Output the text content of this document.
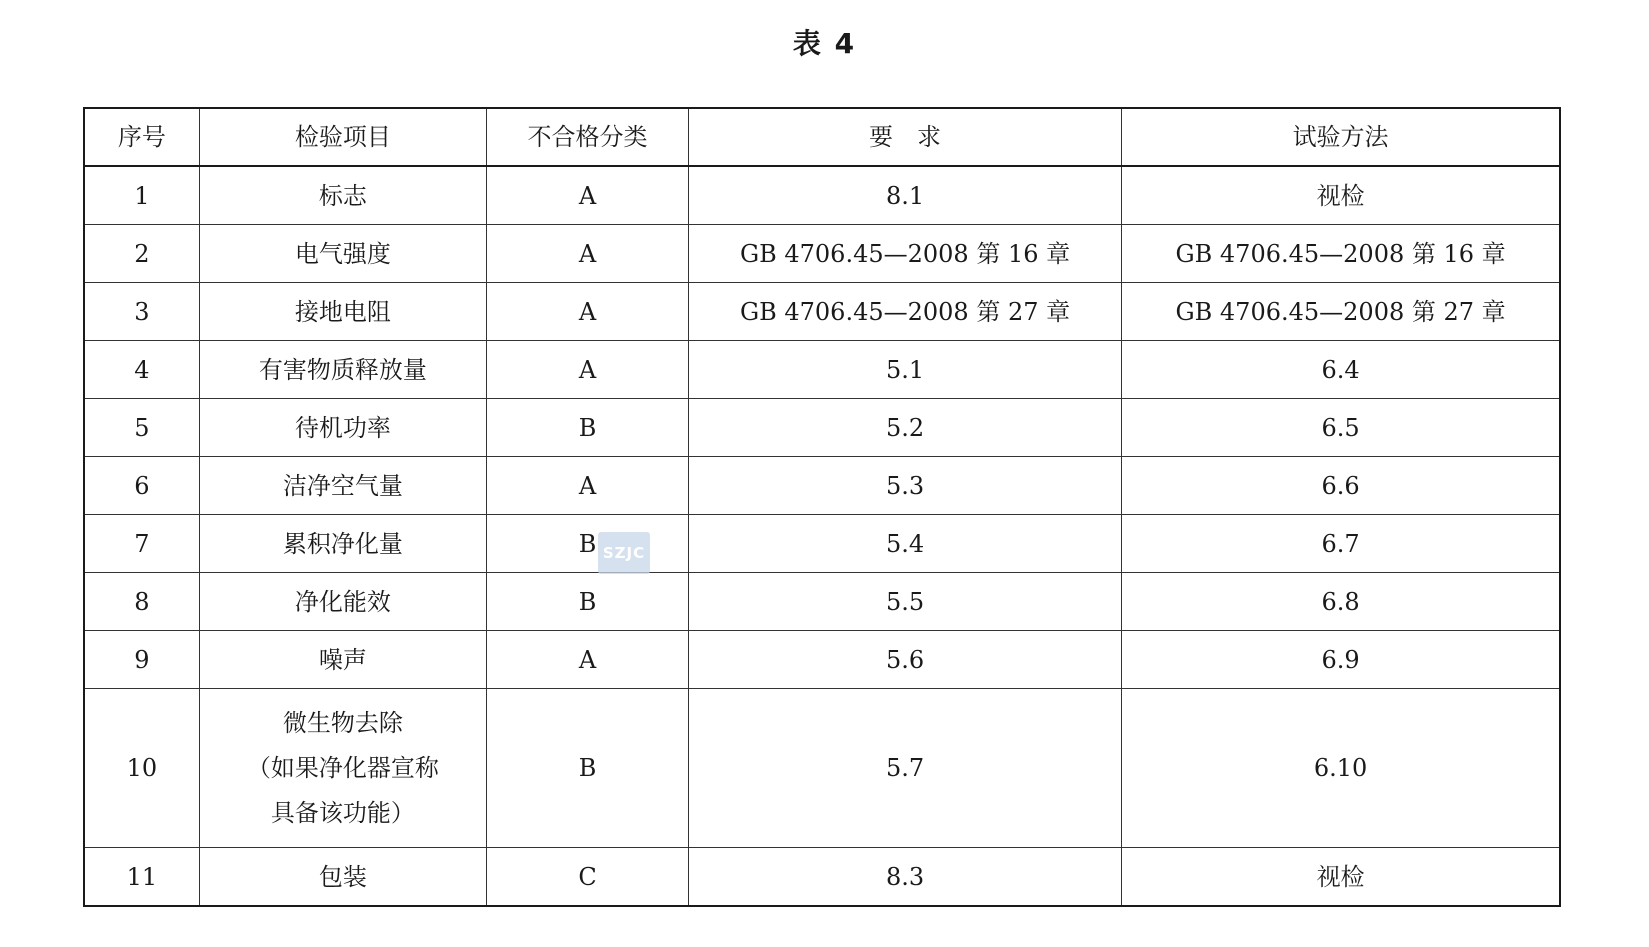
表 4
序号	检验项目	不合格分类	要　求	试验方法
1	标志	A	8.1	视检
2	电气强度	A	GB 4706.45—2008 第 16 章	GB 4706.45—2008 第 16 章
3	接地电阻	A	GB 4706.45—2008 第 27 章	GB 4706.45—2008 第 27 章
4	有害物质释放量	A	5.1	6.4
5	待机功率	B	5.2	6.5
6	洁净空气量	A	5.3	6.6
7	累积净化量	B	5.4	6.7
8	净化能效	B	5.5	6.8
9	噪声	A	5.6	6.9
10	微生物去除
（如果净化器宣称
具备该功能）	B	5.7	6.10
11	包装	C	8.3	视检
SZJC
